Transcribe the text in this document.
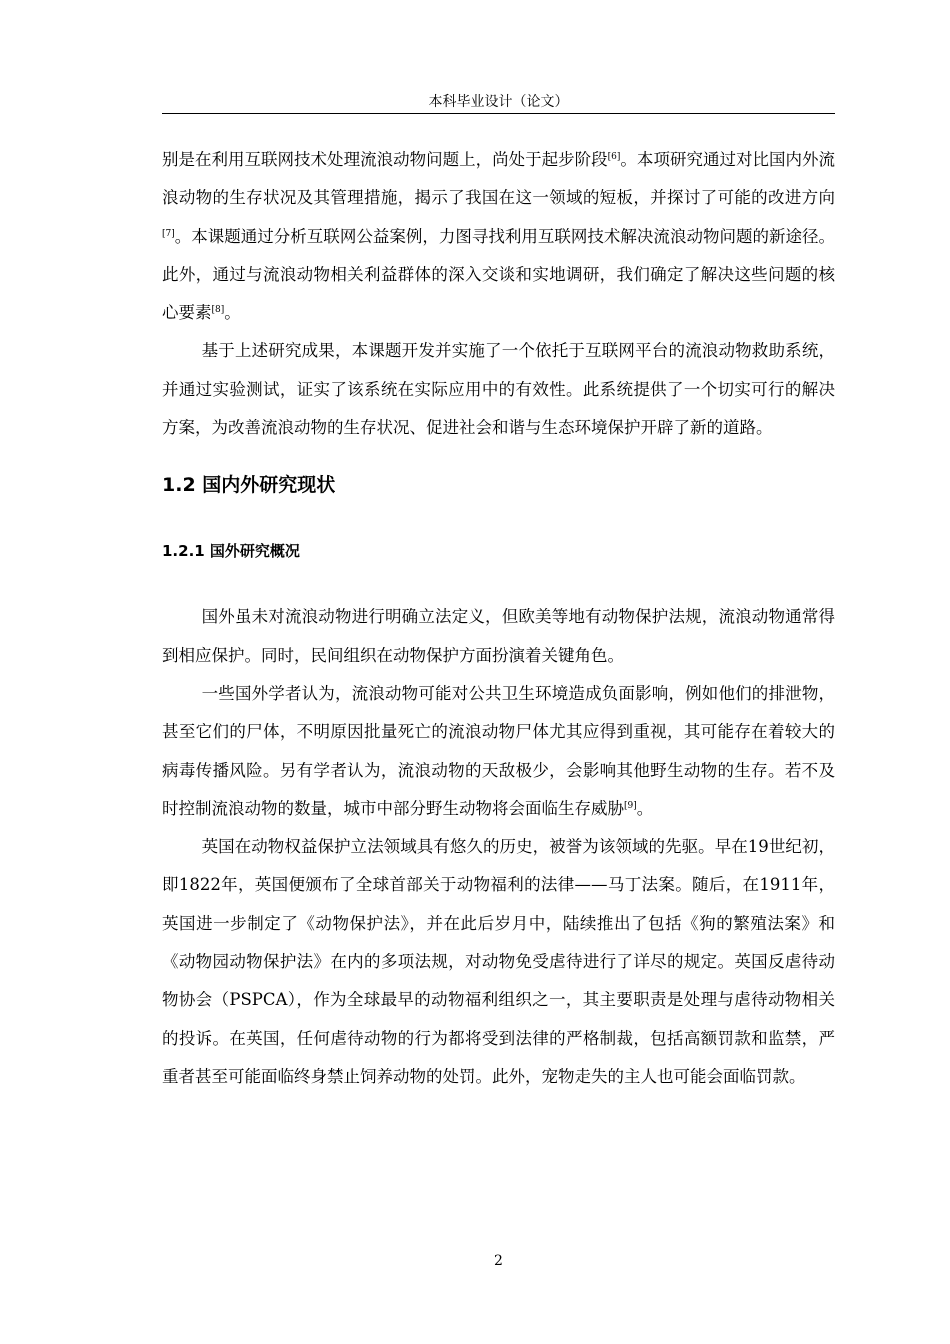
本科毕业设计（论文）

别是在利用互联网技术处理流浪动物问题上，尚处于起步阶段[6]。本项研究通过对比国内外流浪动物的生存状况及其管理措施，揭示了我国在这一领域的短板，并探讨了可能的改进方向[7]。本课题通过分析互联网公益案例，力图寻找利用互联网技术解决流浪动物问题的新途径。此外，通过与流浪动物相关利益群体的深入交谈和实地调研，我们确定了解决这些问题的核心要素[8]。

基于上述研究成果，本课题开发并实施了一个依托于互联网平台的流浪动物救助系统，并通过实验测试，证实了该系统在实际应用中的有效性。此系统提供了一个切实可行的解决方案，为改善流浪动物的生存状况、促进社会和谐与生态环境保护开辟了新的道路。

1.2 国内外研究现状
1.2.1 国外研究概况

国外虽未对流浪动物进行明确立法定义，但欧美等地有动物保护法规，流浪动物通常得到相应保护。同时，民间组织在动物保护方面扮演着关键角色。

一些国外学者认为，流浪动物可能对公共卫生环境造成负面影响，例如他们的排泄物，甚至它们的尸体，不明原因批量死亡的流浪动物尸体尤其应得到重视，其可能存在着较大的病毒传播风险。另有学者认为，流浪动物的天敌极少，会影响其他野生动物的生存。若不及时控制流浪动物的数量，城市中部分野生动物将会面临生存威胁[9]。

英国在动物权益保护立法领域具有悠久的历史，被誉为该领域的先驱。早在19世纪初，即1822年，英国便颁布了全球首部关于动物福利的法律——马丁法案。随后，在1911年，英国进一步制定了《动物保护法》，并在此后岁月中，陆续推出了包括《狗的繁殖法案》和《动物园动物保护法》在内的多项法规，对动物免受虐待进行了详尽的规定。英国反虐待动物协会（PSPCA），作为全球最早的动物福利组织之一，其主要职责是处理与虐待动物相关的投诉。在英国，任何虐待动物的行为都将受到法律的严格制裁，包括高额罚款和监禁，严重者甚至可能面临终身禁止饲养动物的处罚。此外，宠物走失的主人也可能会面临罚款。

2
